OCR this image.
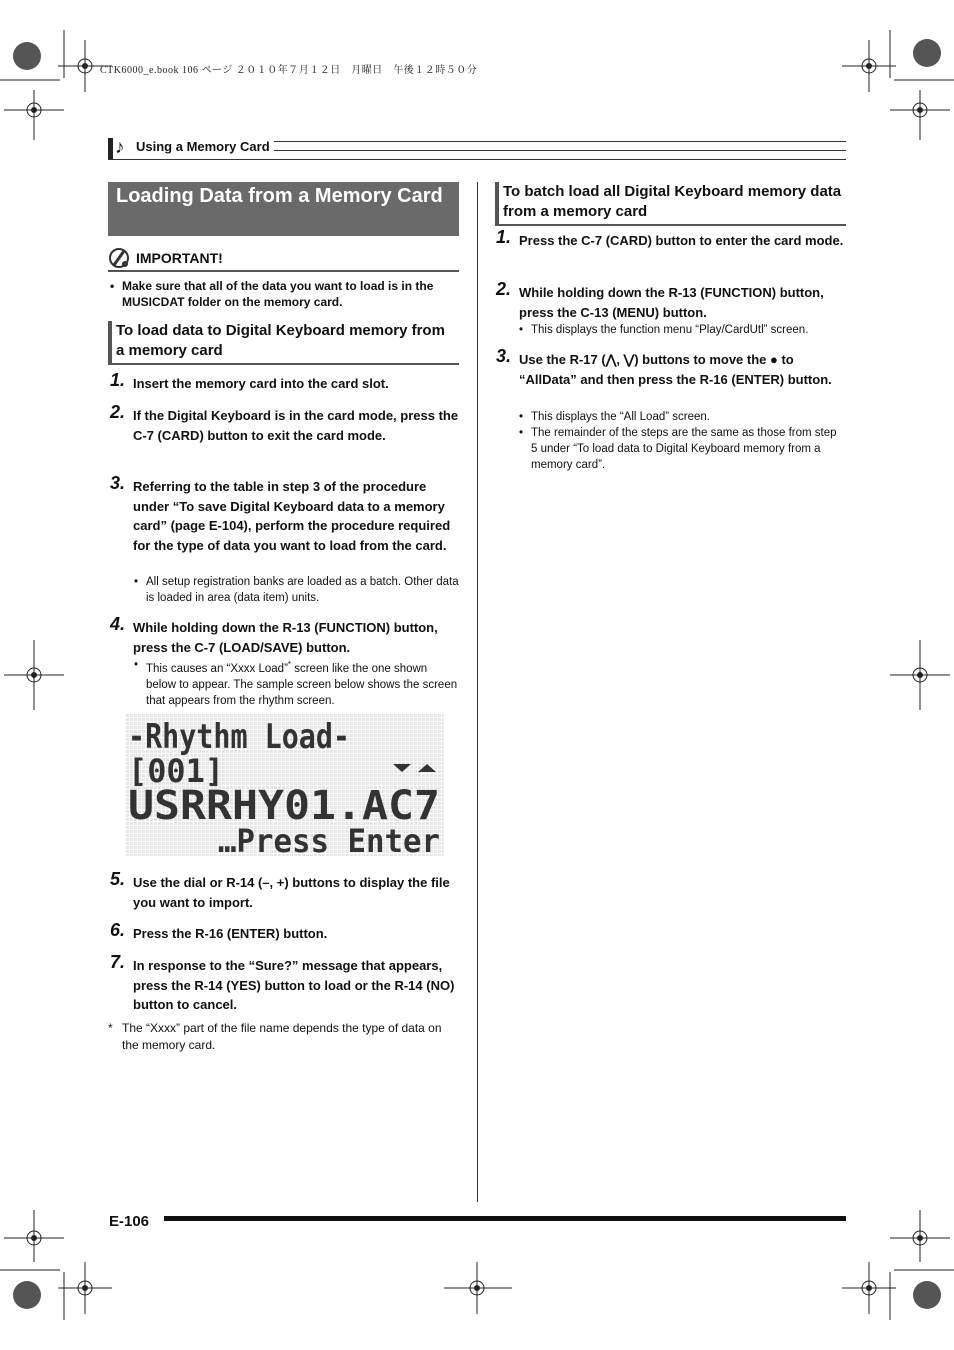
CTK6000_e.book 106 ページ ２０１０年７月１２日　月曜日　午後１２時５０分
♪ Using a Memory Card
Loading Data from a Memory Card
IMPORTANT!
• Make sure that all of the data you want to load is in the MUSICDAT folder on the memory card.
To load data to Digital Keyboard memory from a memory card
1. Insert the memory card into the card slot.
2. If the Digital Keyboard is in the card mode, press the C-7 (CARD) button to exit the card mode.
3. Referring to the table in step 3 of the procedure under “To save Digital Keyboard data to a memory card” (page E-104), perform the procedure required for the type of data you want to load from the card.
• All setup registration banks are loaded as a batch. Other data is loaded in area (data item) units.
4. While holding down the R-13 (FUNCTION) button, press the C-7 (LOAD/SAVE) button.
• This causes an “Xxxx Load”* screen like the one shown below to appear. The sample screen below shows the screen that appears from the rhythm screen.
-Rhythm Load-
[001]
USRRHY01.AC7
…Press Enter
5. Use the dial or R-14 (–, +) buttons to display the file you want to import.
6. Press the R-16 (ENTER) button.
7. In response to the “Sure?” message that appears, press the R-14 (YES) button to load or the R-14 (NO) button to cancel.
* The “Xxxx” part of the file name depends the type of data on the memory card.
To batch load all Digital Keyboard memory data from a memory card
1. Press the C-7 (CARD) button to enter the card mode.
2. While holding down the R-13 (FUNCTION) button, press the C-13 (MENU) button.
• This displays the function menu “Play/CardUtl” screen.
3. Use the R-17 (⋀, ⋁) buttons to move the ● to “AllData” and then press the R-16 (ENTER) button.
• This displays the “All Load” screen.
• The remainder of the steps are the same as those from step 5 under “To load data to Digital Keyboard memory from a memory card”.
E-106
